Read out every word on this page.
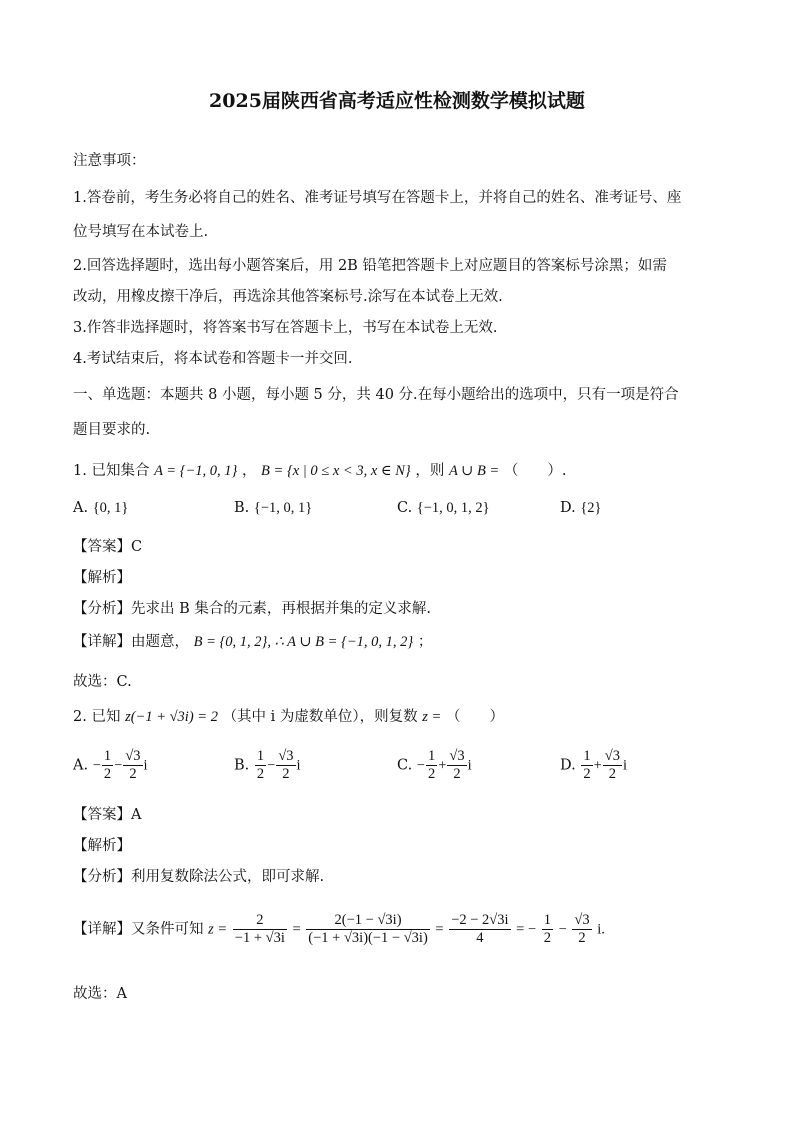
2025届陕西省高考适应性检测数学模拟试题
注意事项：
1.答卷前，考生务必将自己的姓名、准考证号填写在答题卡上，并将自己的姓名、准考证号、座
位号填写在本试卷上.
2.回答选择题时，选出每小题答案后，用 2B 铅笔把答题卡上对应题目的答案标号涂黑；如需
改动，用橡皮擦干净后，再选涂其他答案标号.涂写在本试卷上无效.
3.作答非选择题时，将答案书写在答题卡上，书写在本试卷上无效.
4.考试结束后，将本试卷和答题卡一并交回.
一、单选题：本题共 8 小题，每小题 5 分，共 40 分.在每小题给出的选项中，只有一项是符合
题目要求的.
1. 已知集合 A = {−1, 0, 1} ， B = {x | 0 ≤ x < 3, x ∈ N} ，则 A ∪ B = （　　）.
A. {0, 1}	B. {−1, 0, 1}	C. {−1, 0, 1, 2}	D. {2}
【答案】C
【解析】
【分析】先求出 B 集合的元素，再根据并集的定义求解.
【详解】由题意， B = {0, 1, 2}, ∴ A ∪ B = {−1, 0, 1, 2} ；
故选：C.
2. 已知 z(−1 + √3i) = 2 （其中 i 为虚数单位），则复数 z = （　　）
A. − $\frac{1}{2} - \frac{√3}{2}$ i	B. $\frac{1}{2} - \frac{√3}{2}$ i	C. − $\frac{1}{2} + \frac{√3}{2}$ i	D. $\frac{1}{2} + \frac{√3}{2}$ i
【答案】A
【解析】
【分析】利用复数除法公式，即可求解.
【详解】又条件可知 $z = \frac{2}{-1 + √3i} = \frac{2(-1 - √3i)}{(-1 + √3i)(-1 - √3i)} = \frac{-2 - 2√3i}{4}$ = − $\frac{1}{2} - \frac{√3}{2} i$.
故选：A
